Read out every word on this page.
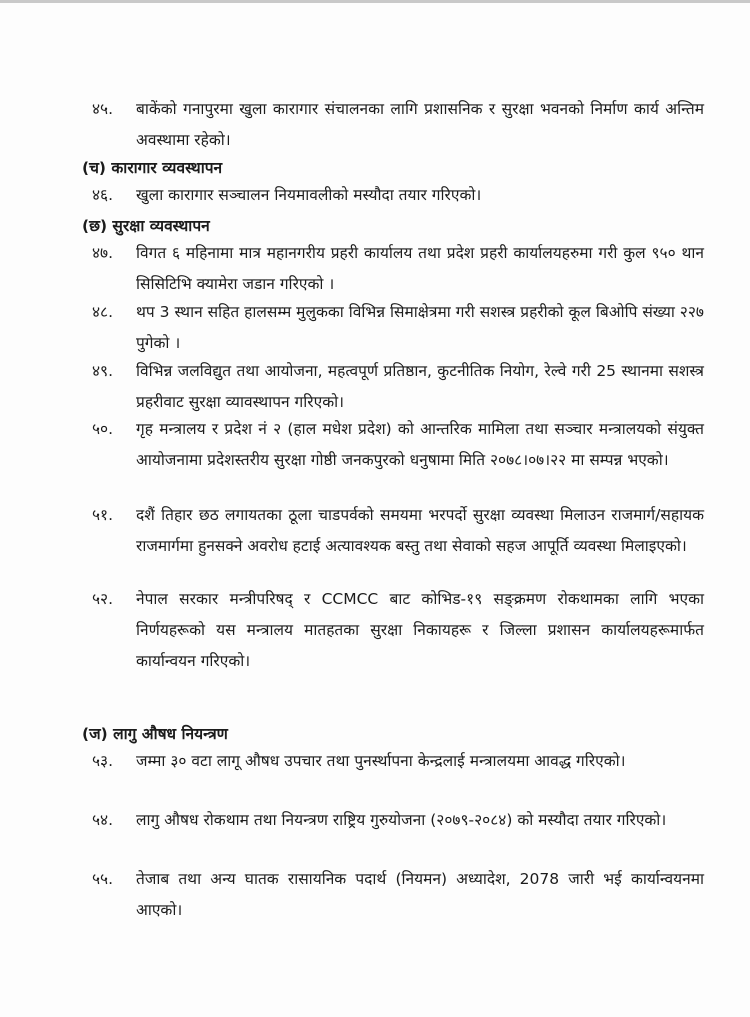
४५.	बाकेंको गनापुरमा खुला कारागार संचालनका लागि प्रशासनिक र सुरक्षा भवनको निर्माण कार्य अन्तिम अवस्थामा रहेको।
(च) कारागार व्यवस्थापन
४६.	खुला कारागार सञ्चालन नियमावलीको मस्यौदा तयार गरिएको।
(छ) सुरक्षा व्यवस्थापन
४७.	विगत ६ महिनामा मात्र महानगरीय प्रहरी कार्यालय तथा प्रदेश प्रहरी कार्यालयहरुमा गरी कुल ९५० थान सिसिटिभि क्यामेरा जडान गरिएको ।
४८.	थप 3 स्थान सहित हालसम्म मुलुकका विभिन्न सिमाक्षेत्रमा गरी सशस्त्र प्रहरीको कूल बिओपि संख्या २२७ पुगेको ।
४९.	विभिन्न जलविद्युत तथा आयोजना, महत्वपूर्ण प्रतिष्ठान, कुटनीतिक नियोग, रेल्वे गरी 25 स्थानमा सशस्त्र प्रहरीवाट सुरक्षा व्यावस्थापन गरिएको।
५०.	गृह मन्त्रालय र प्रदेश नं २ (हाल मधेश प्रदेश) को आन्तरिक मामिला तथा सञ्चार मन्त्रालयको संयुक्त आयोजनामा प्रदेशस्तरीय सुरक्षा गोष्ठी जनकपुरको धनुषामा मिति २०७८।०७।२२ मा सम्पन्न भएको।
५१.	दशैं तिहार छठ लगायतका ठूला चाडपर्वको समयमा भरपर्दो सुरक्षा व्यवस्था मिलाउन राजमार्ग/सहायक राजमार्गमा हुनसक्ने अवरोध हटाई अत्यावश्यक बस्तु तथा सेवाको सहज आपूर्ति व्यवस्था मिलाइएको।
५२.	नेपाल सरकार मन्त्रीपरिषद् र CCMCC बाट कोभिड-१९ सङ्क्रमण रोकथामका लागि भएका निर्णयहरूको यस मन्त्रालय मातहतका सुरक्षा निकायहरू र जिल्ला प्रशासन कार्यालयहरूमार्फत कार्यान्वयन गरिएको।
(ज) लागु औषध नियन्त्रण
५३.	जम्मा ३० वटा लागू औषध उपचार तथा पुनर्स्थापना केन्द्रलाई मन्त्रालयमा आवद्ध गरिएको।
५४.	लागु औषध रोकथाम तथा नियन्त्रण राष्ट्रिय गुरुयोजना (२०७९-२०८४) को मस्यौदा तयार गरिएको।
५५.	तेजाब तथा अन्य घातक रासायनिक पदार्थ (नियमन) अध्यादेश, 2078 जारी भई कार्यान्वयनमा आएको।
